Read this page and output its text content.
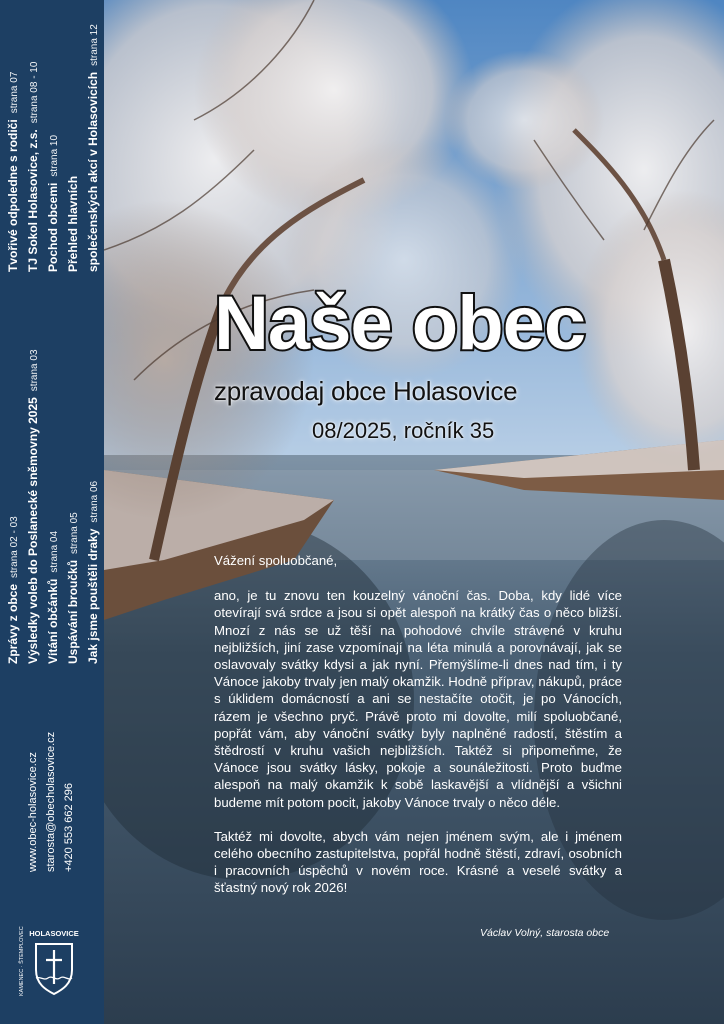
Zprávy z obcestrana 02 - 03 Výsledky voleb do Poslanecké sněmovny 2025strana 03
Vítání občánkůstrana 04
Uspávání broučkůstrana 05 Jak jsme pouštěli drakystrana 06
Tvořivé odpoledne s rodičistrana 07
TJ Sokol Holasovice, z.s.strana 08 - 10
Pochod obcemistrana 10
Přehled hlavních společenských akcí v Holasovicíchstrana 12
www.obec-holasovice.cz starosta@obecholasovice.cz +420 553 662 296
HOLASOVICE
KAMENEC · ŠTEMPLOVEC · LODĚNICE
Naše obec
zpravodaj obce Holasovice
08/2025, ročník 35

Vážení spoluobčané,

ano, je tu znovu ten kouzelný vánoční čas. Doba, kdy lidé více otevírají svá srdce a jsou si opět alespoň na krátký čas o něco bližší. Mnozí z nás se už těší na pohodové chvíle strávené v kruhu nejbližších, jiní zase vzpomínají na léta minulá a porovnávají, jak se oslavovaly svátky kdysi a jak nyní. Přemýšlíme-li dnes nad tím, i ty Vánoce jakoby trvaly jen malý okamžik. Hodně příprav, nákupů, práce s úklidem domácností a ani se nestačíte otočit, je po Vánocích, rázem je všechno pryč. Právě proto mi dovolte, milí spoluobčané, popřát vám, aby vánoční svátky byly naplněné radostí, štěstím a štědrostí v kruhu vašich nejbližších. Taktéž si připomeňme, že Vánoce jsou svátky lásky, pokoje a sounáležitosti. Proto buďme alespoň na malý okamžik k sobě laskavější a vlídnější a všichni budeme mít potom pocit, jakoby Vánoce trvaly o něco déle.

Taktéž mi dovolte, abych vám nejen jménem svým, ale i jménem celého obecního zastupitelstva, popřál hodně štěstí, zdraví, osobních i pracovních úspěchů v novém roce. Krásné a veselé svátky a šťastný nový rok 2026!

Václav Volný, starosta obce
